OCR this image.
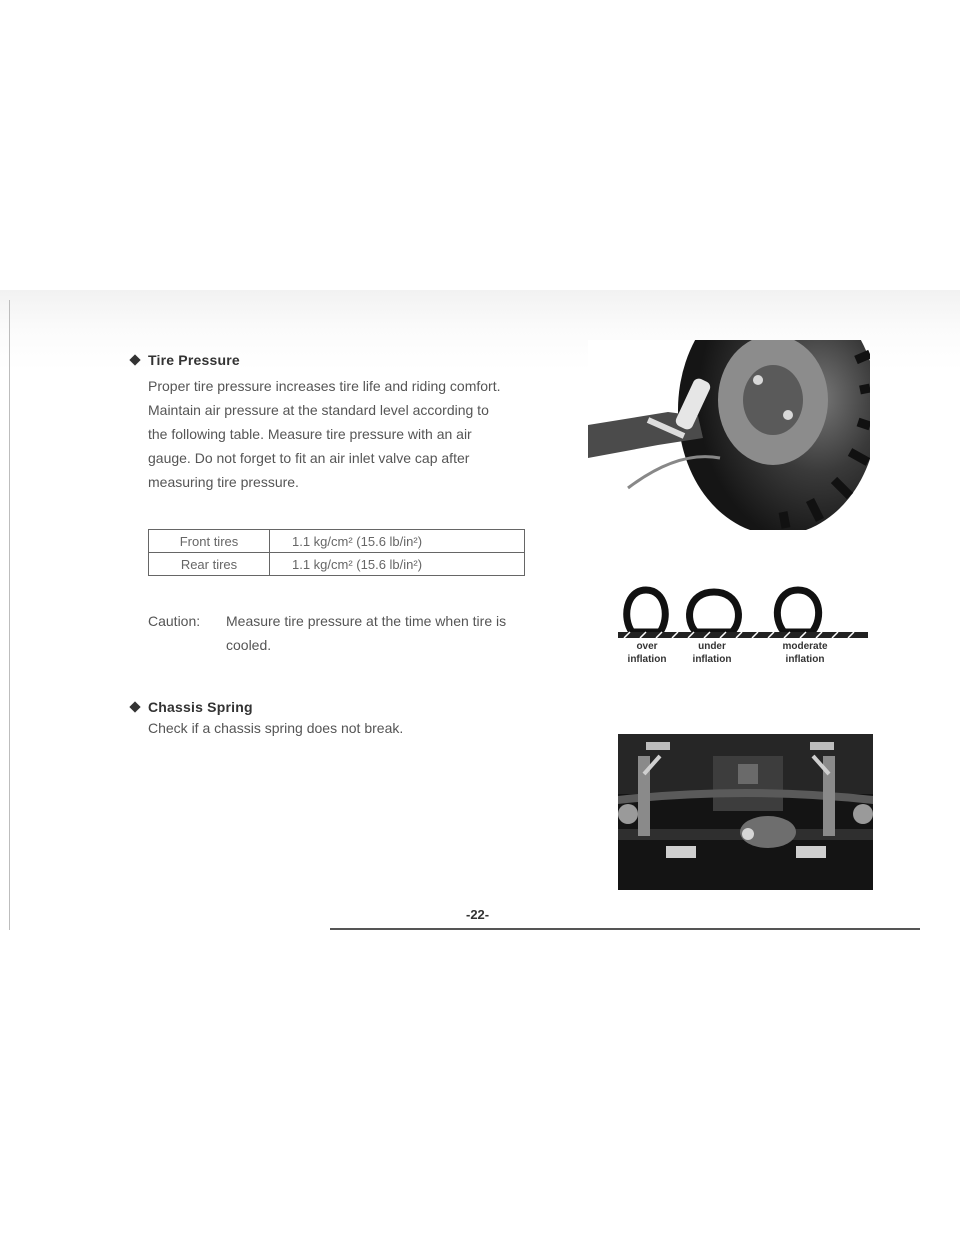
Tire Pressure
Proper tire pressure increases tire life and riding comfort.
Maintain air pressure at the standard level according to
the following table. Measure tire pressure with an air
gauge. Do not forget to fit an air inlet valve cap after
measuring tire pressure.
Front tires	1.1 kg/cm² (15.6 lb/in²)
Rear tires	1.1 kg/cm² (15.6 lb/in²)
Caution: Measure tire pressure at the time when tire is
cooled.
Chassis Spring
Check if a chassis spring does not break.
over
inflation
under
inflation
moderate
inflation
-22-
